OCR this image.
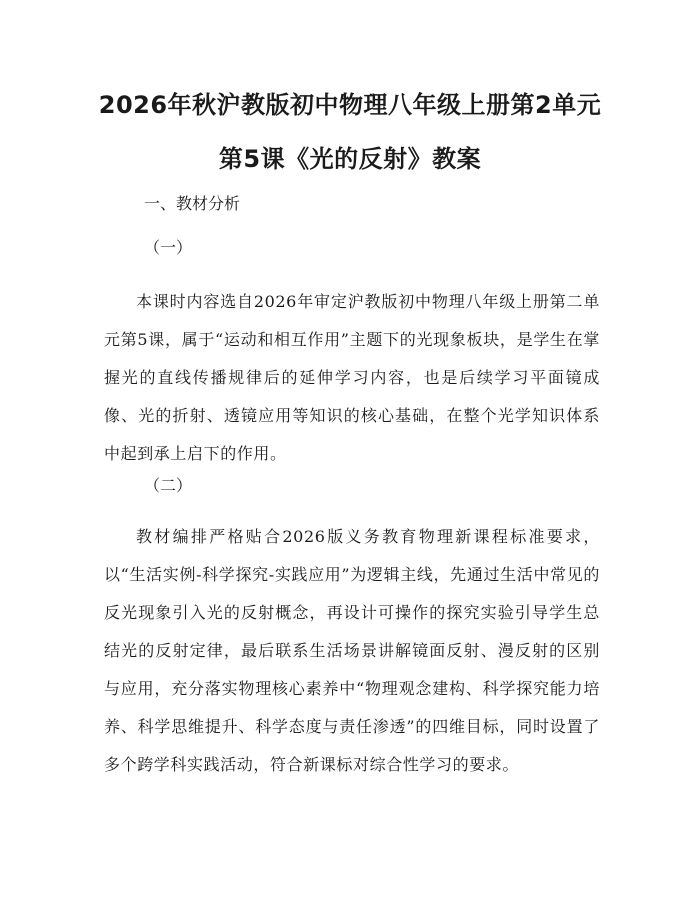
2026年秋沪教版初中物理八年级上册第2单元第5课《光的反射》教案

一、教材分析

（一）

本课时内容选自2026年审定沪教版初中物理八年级上册第二单元第5课，属于“运动和相互作用”主题下的光现象板块，是学生在掌握光的直线传播规律后的延伸学习内容，也是后续学习平面镜成像、光的折射、透镜应用等知识的核心基础，在整个光学知识体系中起到承上启下的作用。

（二）

教材编排严格贴合2026版义务教育物理新课程标准要求，以“生活实例-科学探究-实践应用”为逻辑主线，先通过生活中常见的反光现象引入光的反射概念，再设计可操作的探究实验引导学生总结光的反射定律，最后联系生活场景讲解镜面反射、漫反射的区别与应用，充分落实物理核心素养中“物理观念建构、科学探究能力培养、科学思维提升、科学态度与责任渗透”的四维目标，同时设置了多个跨学科实践活动，符合新课标对综合性学习的要求。
